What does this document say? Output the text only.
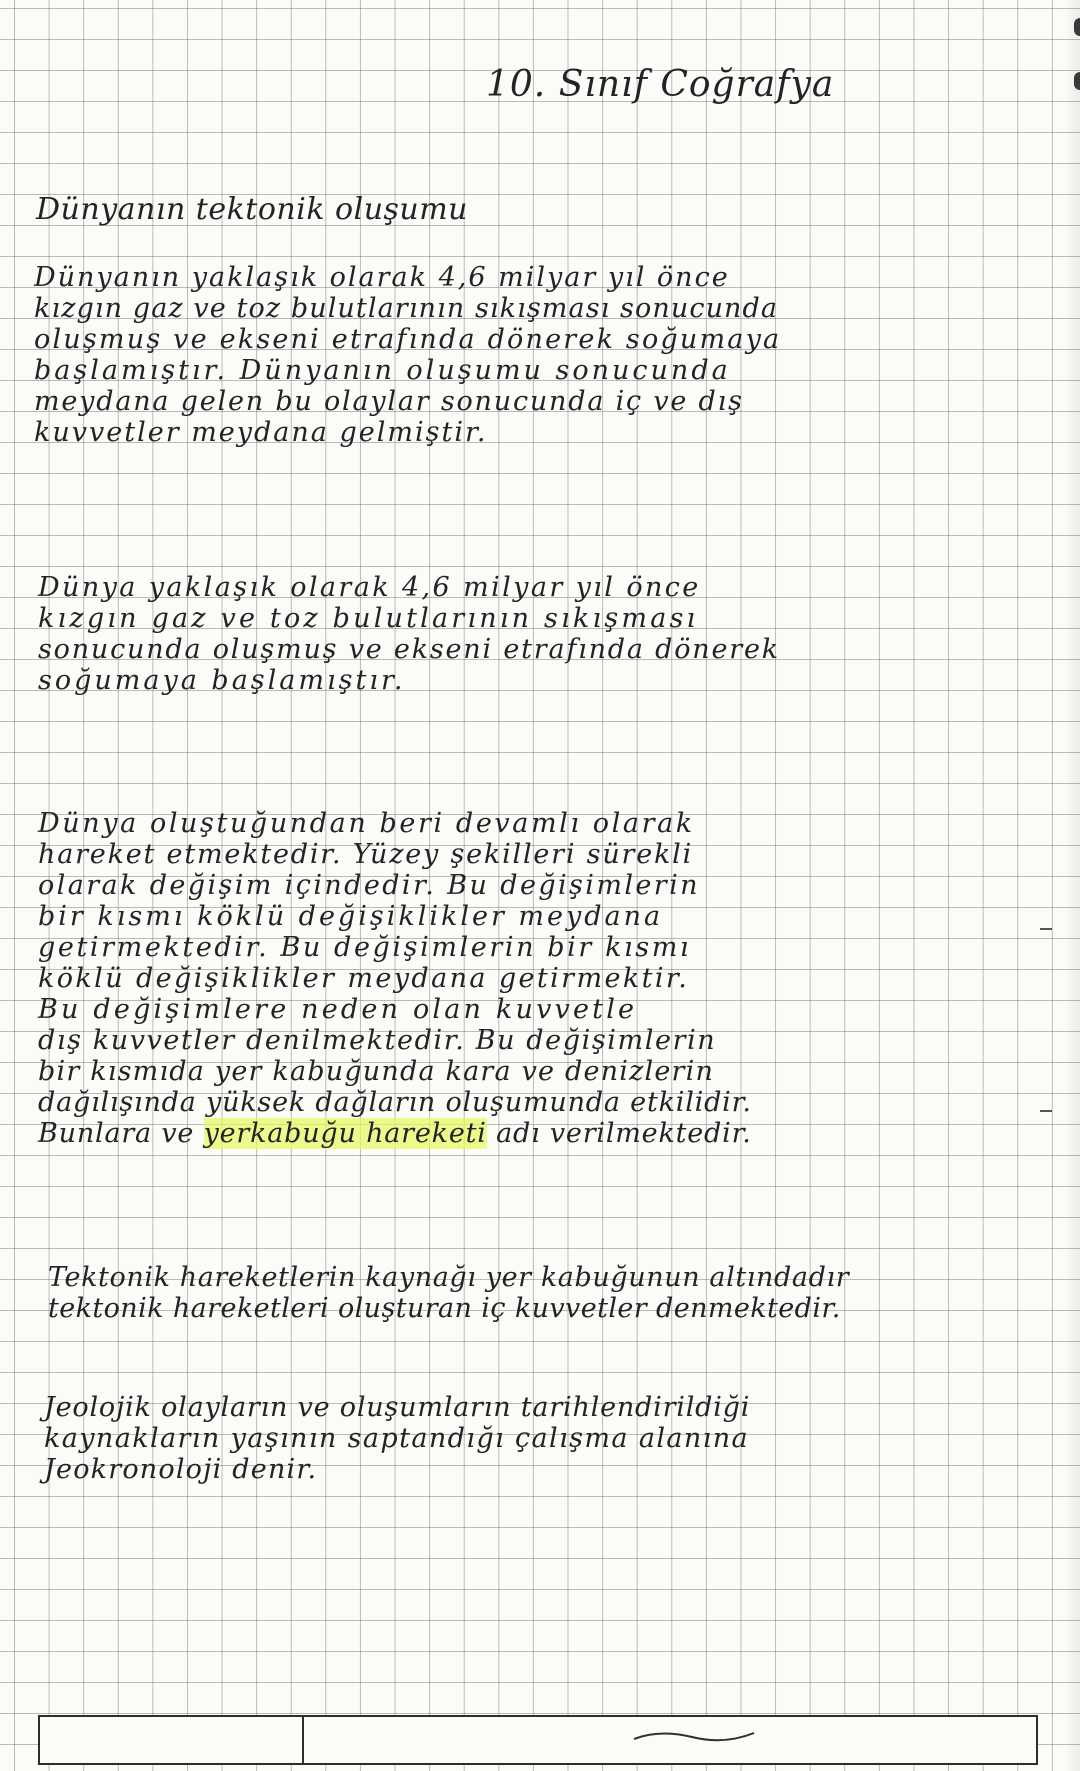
10. Sınıf Coğrafya

Dünyanın tektonik oluşumu

Dünyanın yaklaşık olarak 4,6 milyar yıl önce

kızgın gaz ve toz bulutlarının sıkışması sonucunda

oluşmuş ve ekseni etrafında dönerek soğumaya

başlamıştır. Dünyanın oluşumu sonucunda

meydana gelen bu olaylar sonucunda iç ve dış

kuvvetler meydana gelmiştir.

Dünya yaklaşık olarak 4,6 milyar yıl önce

kızgın gaz ve toz bulutlarının sıkışması

sonucunda oluşmuş ve ekseni etrafında dönerek

soğumaya başlamıştır.

Dünya oluştuğundan beri devamlı olarak

hareket etmektedir. Yüzey şekilleri sürekli

olarak değişim içindedir. Bu değişimlerin

bir kısmı köklü değişiklikler meydana

getirmektedir. Bu değişimlerin bir kısmı

köklü değişiklikler meydana getirmektir.

Bu değişimlere neden olan kuvvetle

dış kuvvetler denilmektedir. Bu değişimlerin

bir kısmıda yer kabuğunda kara ve denizlerin

dağılışında yüksek dağların oluşumunda etkilidir.

Bunlara ve yerkabuğu hareketi adı verilmektedir.

Tektonik hareketlerin kaynağı yer kabuğunun altındadır

tektonik hareketleri oluşturan iç kuvvetler denmektedir.

Jeolojik olayların ve oluşumların tarihlendirildiği

kaynakların yaşının saptandığı çalışma alanına

Jeokronoloji denir.
